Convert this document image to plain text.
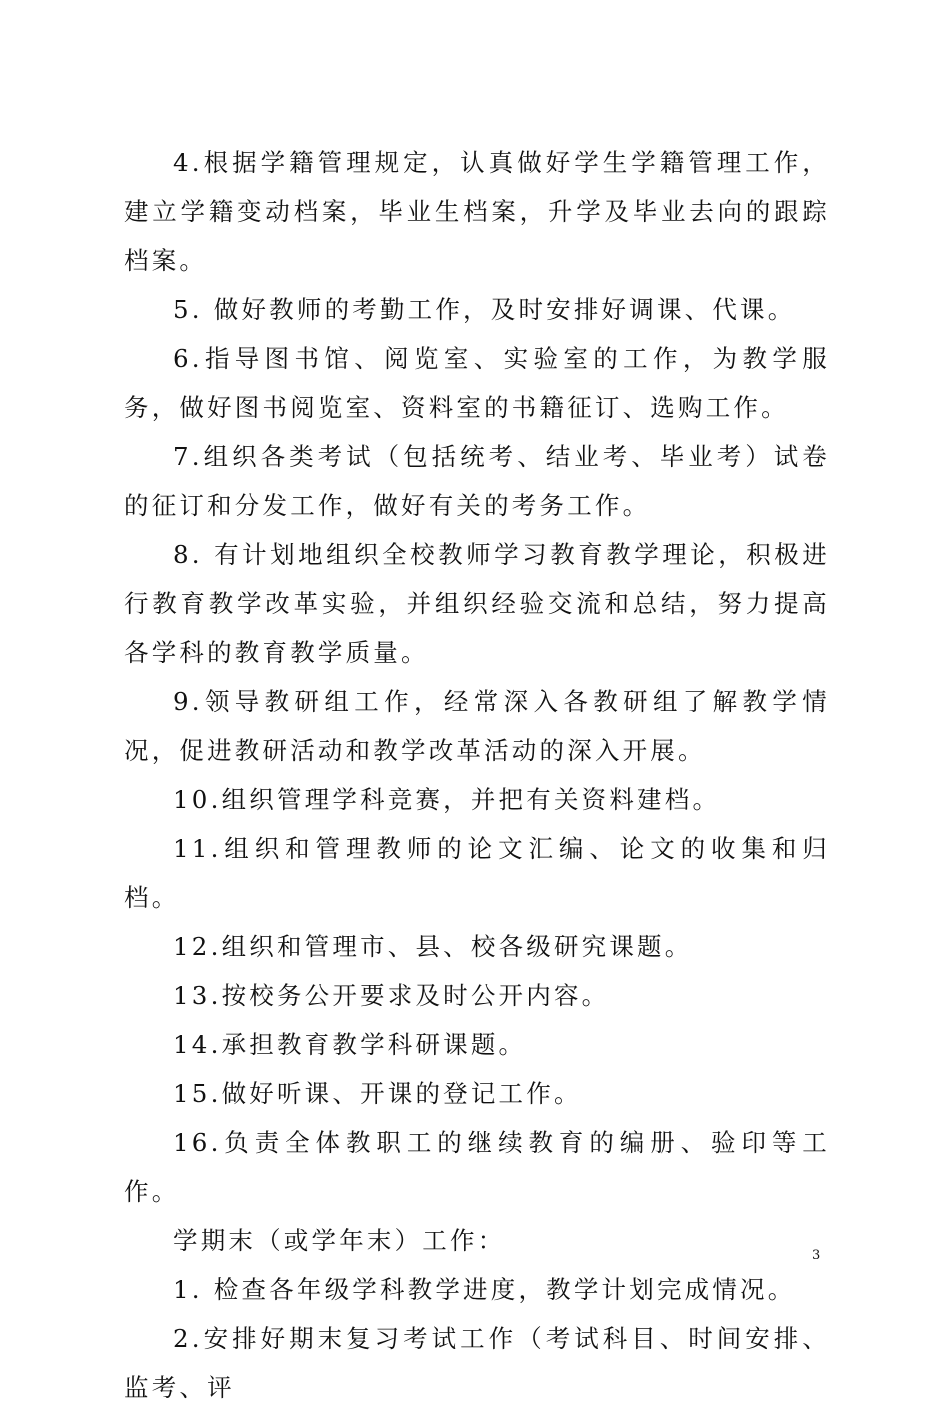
4.根据学籍管理规定，认真做好学生学籍管理工作，建立学籍变动档案，毕业生档案，升学及毕业去向的跟踪档案。

5. 做好教师的考勤工作，及时安排好调课、代课。

6.指导图书馆、阅览室、实验室的工作，为教学服务，做好图书阅览室、资料室的书籍征订、选购工作。

7.组织各类考试（包括统考、结业考、毕业考）试卷的征订和分发工作，做好有关的考务工作。

8. 有计划地组织全校教师学习教育教学理论，积极进行教育教学改革实验，并组织经验交流和总结，努力提高各学科的教育教学质量。

9.领导教研组工作，经常深入各教研组了解教学情况，促进教研活动和教学改革活动的深入开展。

10.组织管理学科竞赛，并把有关资料建档。

11.组织和管理教师的论文汇编、论文的收集和归档。

12.组织和管理市、县、校各级研究课题。

13.按校务公开要求及时公开内容。

14.承担教育教学科研课题。

15.做好听课、开课的登记工作。

16.负责全体教职工的继续教育的编册、验印等工作。

学期末（或学年末）工作：

1. 检查各年级学科教学进度，教学计划完成情况。

2.安排好期末复习考试工作（考试科目、时间安排、监考、评

3
